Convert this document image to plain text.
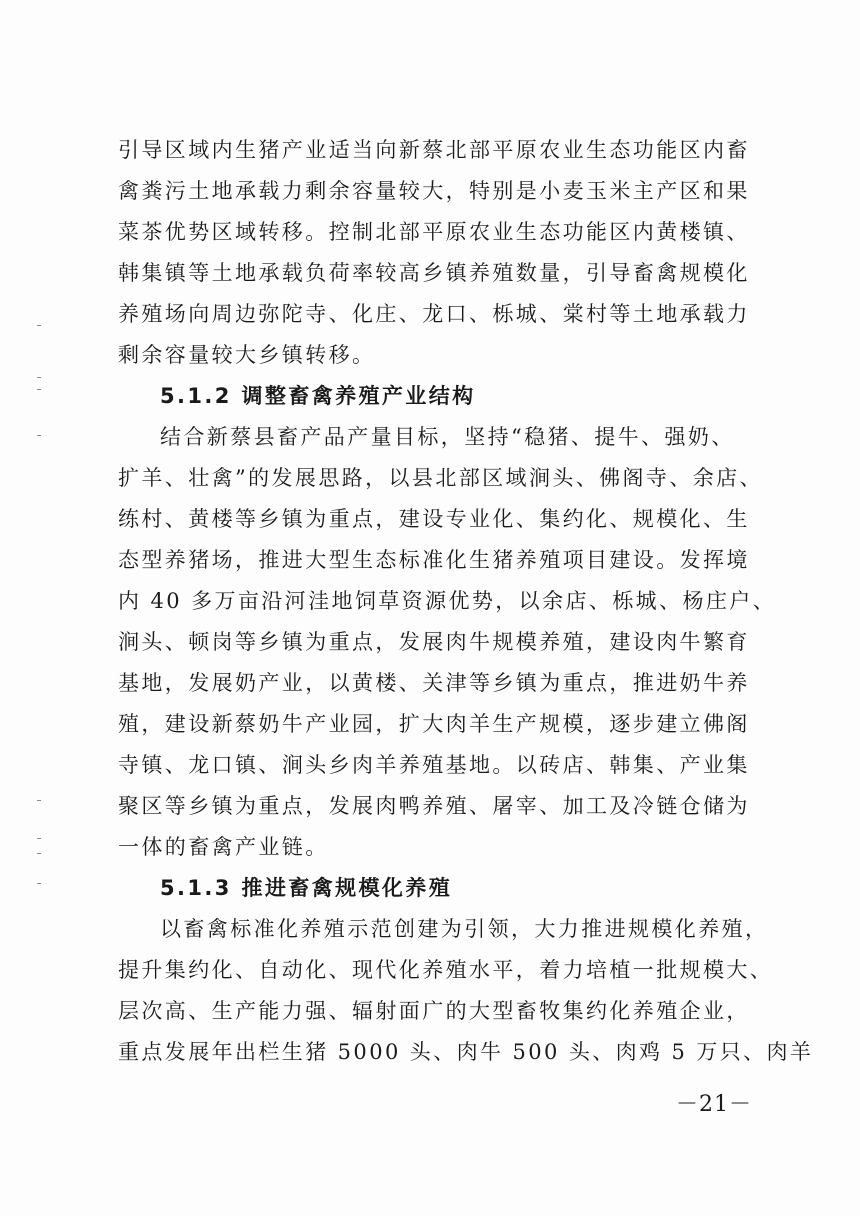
引导区域内生猪产业适当向新蔡北部平原农业生态功能区内畜
禽粪污土地承载力剩余容量较大，特别是小麦玉米主产区和果
菜茶优势区域转移。控制北部平原农业生态功能区内黄楼镇、
韩集镇等土地承载负荷率较高乡镇养殖数量，引导畜禽规模化
养殖场向周边弥陀寺、化庄、龙口、栎城、棠村等土地承载力
剩余容量较大乡镇转移。
5.1.2 调整畜禽养殖产业结构
结合新蔡县畜产品产量目标，坚持“稳猪、提牛、强奶、
扩羊、壮禽”的发展思路，以县北部区域涧头、佛阁寺、余店、
练村、黄楼等乡镇为重点，建设专业化、集约化、规模化、生
态型养猪场，推进大型生态标准化生猪养殖项目建设。发挥境
内 40 多万亩沿河洼地饲草资源优势，以余店、栎城、杨庄户、
涧头、顿岗等乡镇为重点，发展肉牛规模养殖，建设肉牛繁育
基地，发展奶产业，以黄楼、关津等乡镇为重点，推进奶牛养
殖，建设新蔡奶牛产业园，扩大肉羊生产规模，逐步建立佛阁
寺镇、龙口镇、涧头乡肉羊养殖基地。以砖店、韩集、产业集
聚区等乡镇为重点，发展肉鸭养殖、屠宰、加工及冷链仓储为
一体的畜禽产业链。
5.1.3 推进畜禽规模化养殖
以畜禽标准化养殖示范创建为引领，大力推进规模化养殖，
提升集约化、自动化、现代化养殖水平，着力培植一批规模大、
层次高、生产能力强、辐射面广的大型畜牧集约化养殖企业，
重点发展年出栏生猪 5000 头、肉牛 500 头、肉鸡 5 万只、肉羊
－21－
